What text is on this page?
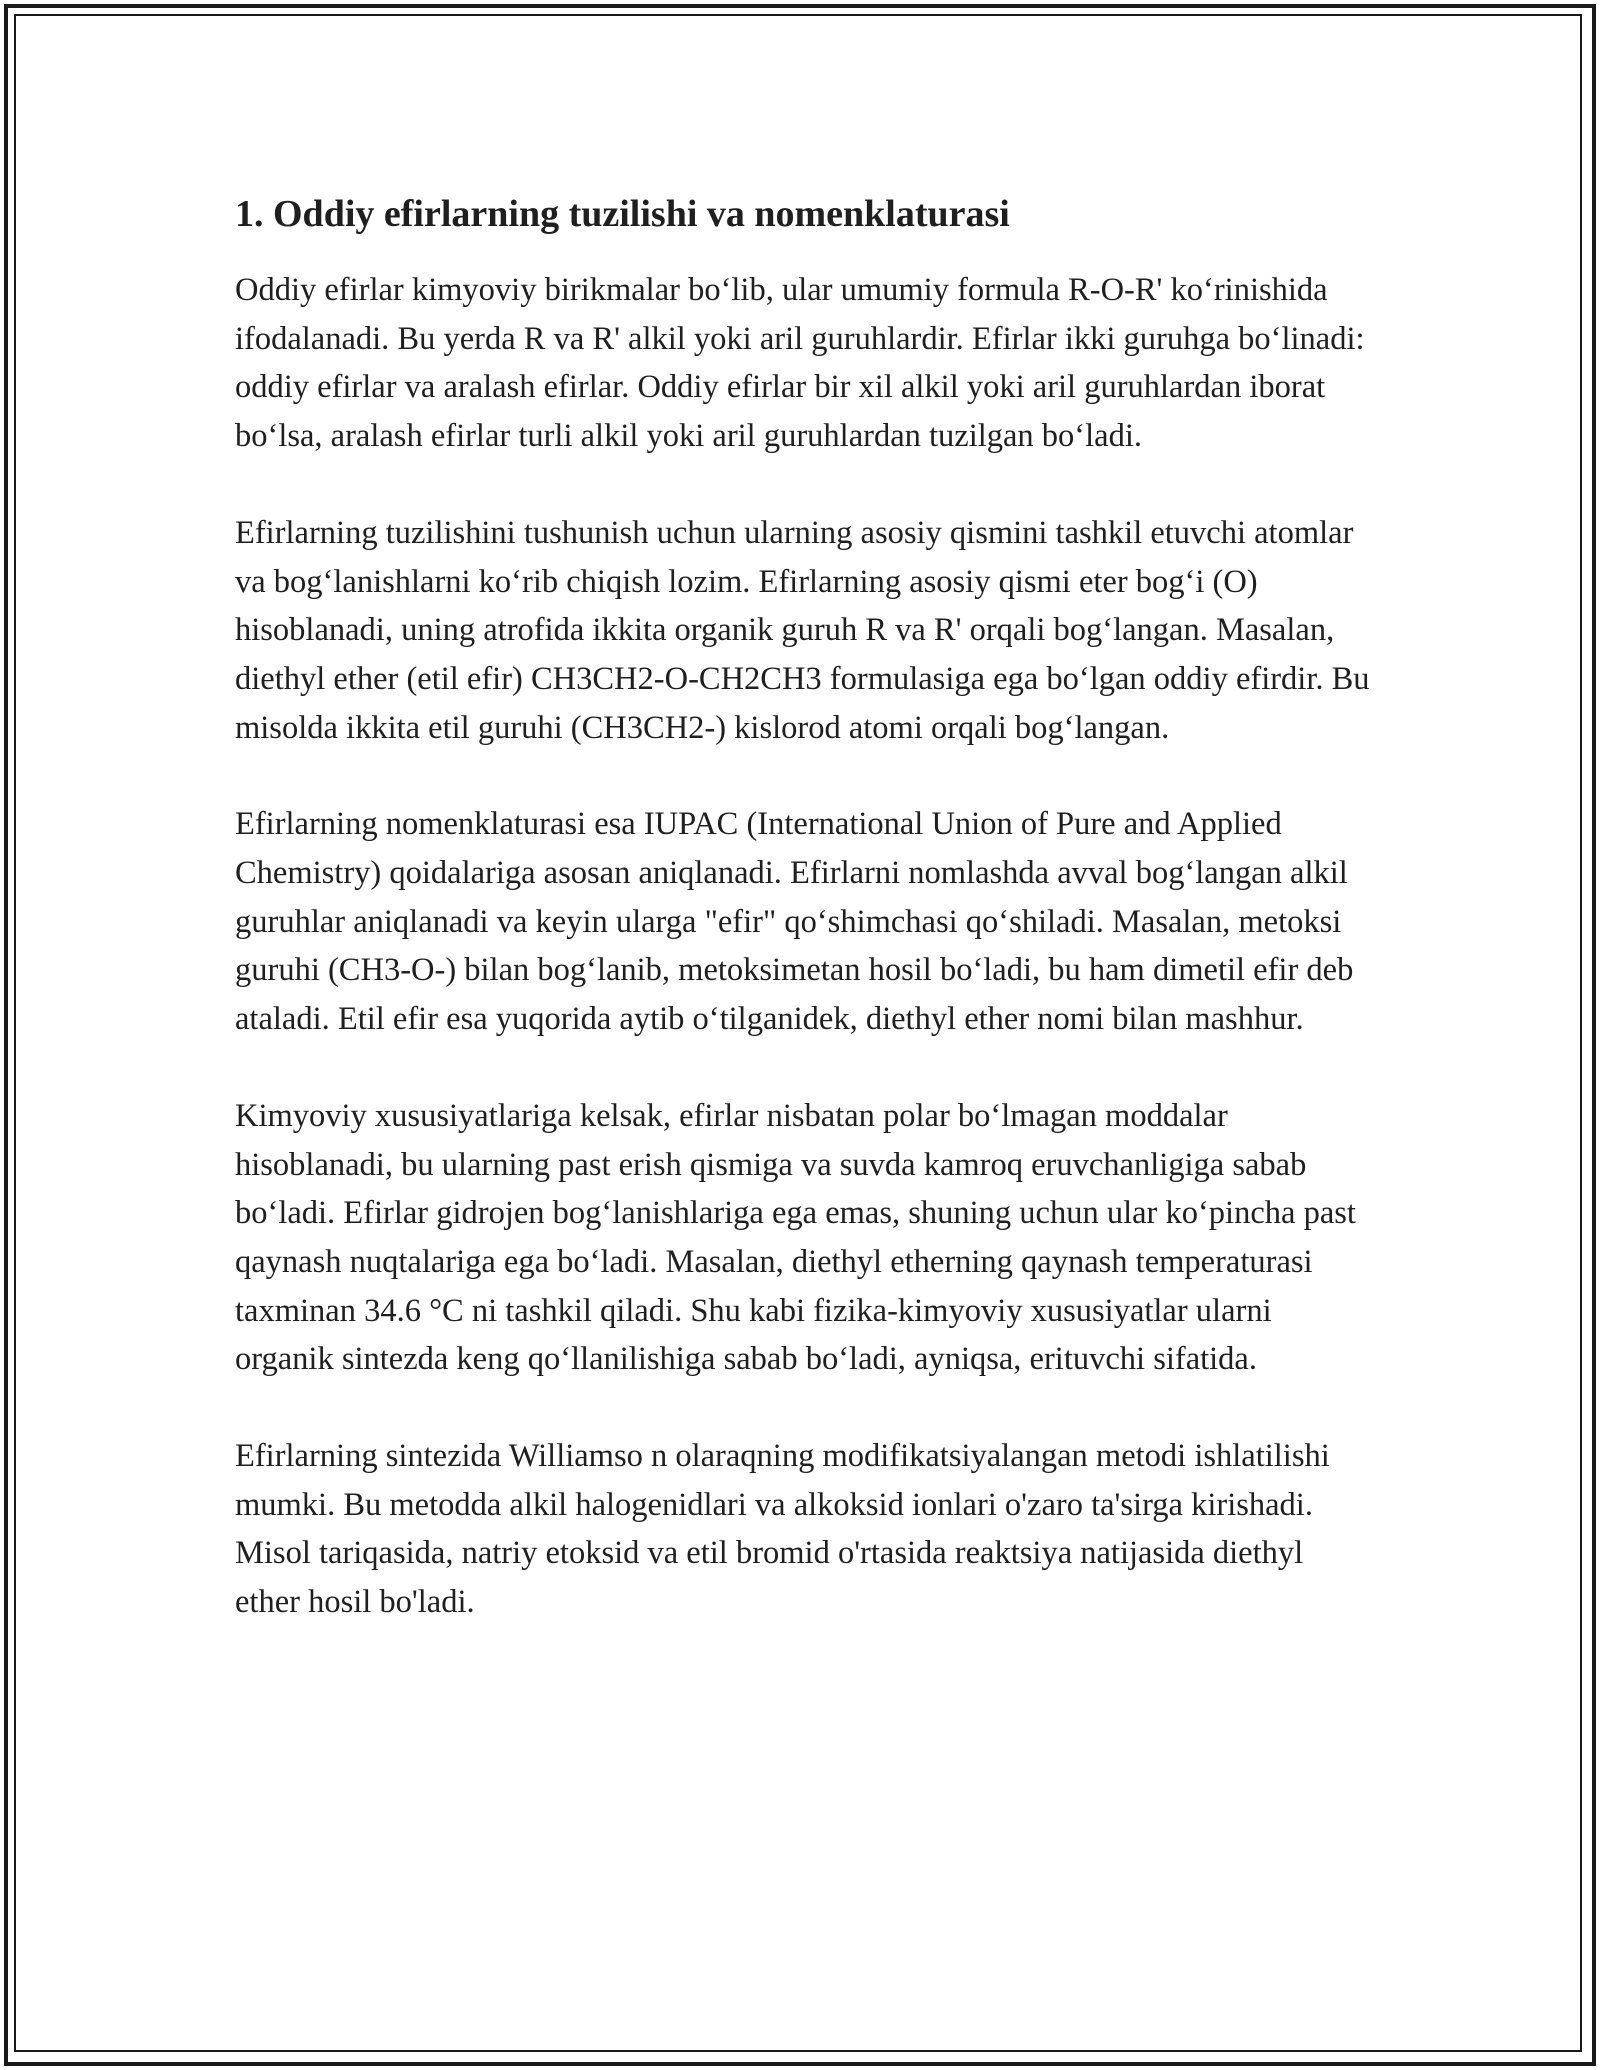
1. Oddiy efirlarning tuzilishi va nomenklaturasi

Oddiy efirlar kimyoviy birikmalar bo‘lib, ular umumiy formula R-O-R' ko‘rinishida ifodalanadi. Bu yerda R va R' alkil yoki aril guruhlardir. Efirlar ikki guruhga bo‘linadi: oddiy efirlar va aralash efirlar. Oddiy efirlar bir xil alkil yoki aril guruhlardan iborat bo‘lsa, aralash efirlar turli alkil yoki aril guruhlardan tuzilgan bo‘ladi.

Efirlarning tuzilishini tushunish uchun ularning asosiy qismini tashkil etuvchi atomlar va bog‘lanishlarni ko‘rib chiqish lozim. Efirlarning asosiy qismi eter bog‘i (O) hisoblanadi, uning atrofida ikkita organik guruh R va R' orqali bog‘langan. Masalan, diethyl ether (etil efir) CH3CH2-O-CH2CH3 formulasiga ega bo‘lgan oddiy efirdir. Bu misolda ikkita etil guruhi (CH3CH2-) kislorod atomi orqali bog‘langan.

Efirlarning nomenklaturasi esa IUPAC (International Union of Pure and Applied Chemistry) qoidalariga asosan aniqlanadi. Efirlarni nomlashda avval bog‘langan alkil guruhlar aniqlanadi va keyin ularga "efir" qo‘shimchasi qo‘shiladi. Masalan, metoksi guruhi (CH3-O-) bilan bog‘lanib, metoksimetan hosil bo‘ladi, bu ham dimetil efir deb ataladi. Etil efir esa yuqorida aytib o‘tilganidek, diethyl ether nomi bilan mashhur.

Kimyoviy xususiyatlariga kelsak, efirlar nisbatan polar bo‘lmagan moddalar hisoblanadi, bu ularning past erish qismiga va suvda kamroq eruvchanligiga sabab bo‘ladi. Efirlar gidrojen bog‘lanishlariga ega emas, shuning uchun ular ko‘pincha past qaynash nuqtalariga ega bo‘ladi. Masalan, diethyl etherning qaynash temperaturasi taxminan 34.6 °C ni tashkil qiladi. Shu kabi fizika-kimyoviy xususiyatlar ularni organik sintezda keng qo‘llanilishiga sabab bo‘ladi, ayniqsa, erituvchi sifatida.

Efirlarning sintezida Williamso n olaraqning modifikatsiyalangan metodi ishlatilishi mumki. Bu metodda alkil halogenidlari va alkoksid ionlari o'zaro ta'sirga kirishadi. Misol tariqasida, natriy etoksid va etil bromid o'rtasida reaktsiya natijasida diethyl ether hosil bo'ladi.
